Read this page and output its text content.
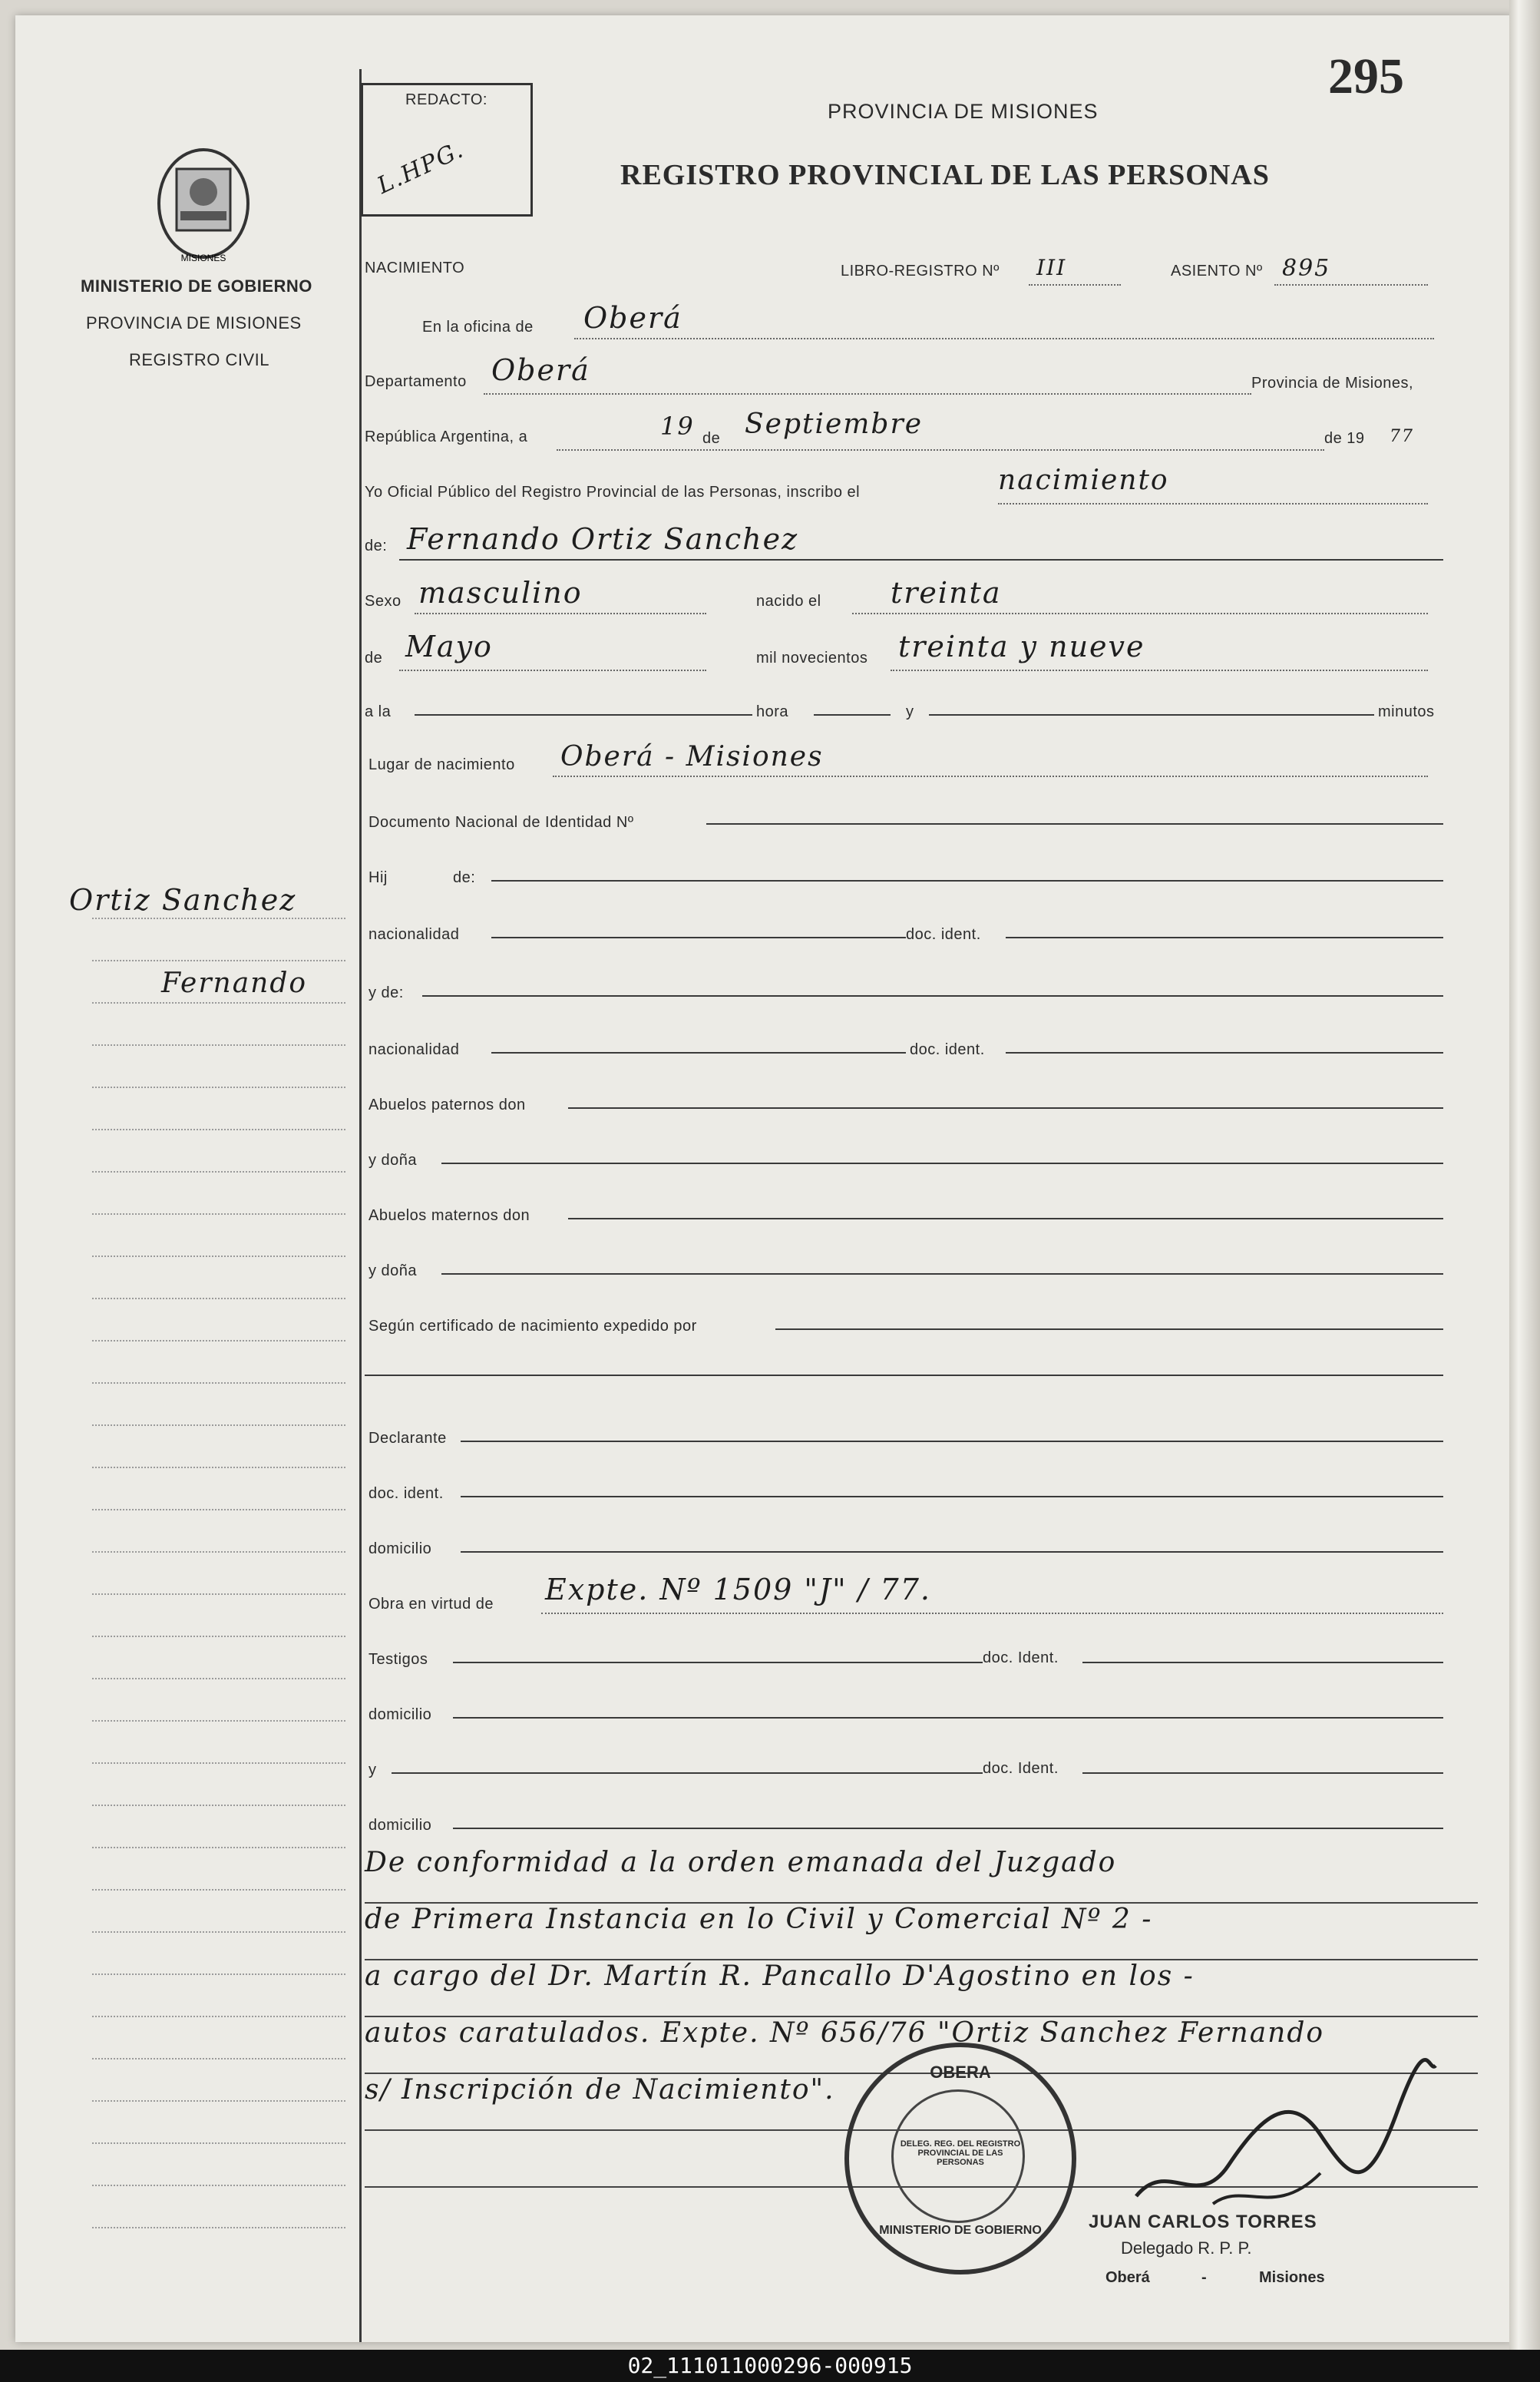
MISIONES
MINISTERIO DE GOBIERNO
PROVINCIA DE MISIONES
REGISTRO CIVIL
Ortiz Sanchez
Fernando
REDACTO:
L.HPG.
295
PROVINCIA DE MISIONES
REGISTRO PROVINCIAL DE LAS PERSONAS
NACIMIENTO	LIBRO-REGISTRO Nº III	ASIENTO Nº 895
En la oficina de Oberá
Departamento Oberá	Provincia de Misiones,
República Argentina, a	19 de Septiembre	de 19 77
Yo Oficial Público del Registro Provincial de las Personas, inscribo el	nacimiento
de: Fernando Ortiz Sanchez
Sexo masculino	nacido el treinta
de Mayo	mil novecientos treinta y nueve
a la	hora	y	minutos
Lugar de nacimiento Oberá - Misiones
Documento Nacional de Identidad Nº
Hij	de:
nacionalidad	doc. ident.
y de:
nacionalidad	doc. ident.
Abuelos paternos don
y doña
Abuelos maternos don
y doña
Según certificado de nacimiento expedido por
Declarante
doc. ident.
domicilio
Obra en virtud de Expte. Nº 1509 "J" / 77.
Testigos	doc. Ident.
domicilio
y	doc. Ident.
domicilio
De conformidad a la orden emanada del Juzgado
de Primera Instancia en lo Civil y Comercial Nº 2 -
a cargo del Dr. Martín R. Pancallo D'Agostino en los -
autos caratulados. Expte. Nº 656/76 "Ortiz Sanchez Fernando
s/ Inscripción de Nacimiento".
OBERA
MINISTERIO DE GOBIERNO
DELEG. REG. DEL REGISTRO PROVINCIAL DE LAS PERSONAS
JUAN CARLOS TORRES
Delegado R. P. P.
Oberá	-	Misiones
02_111011000296-000915
